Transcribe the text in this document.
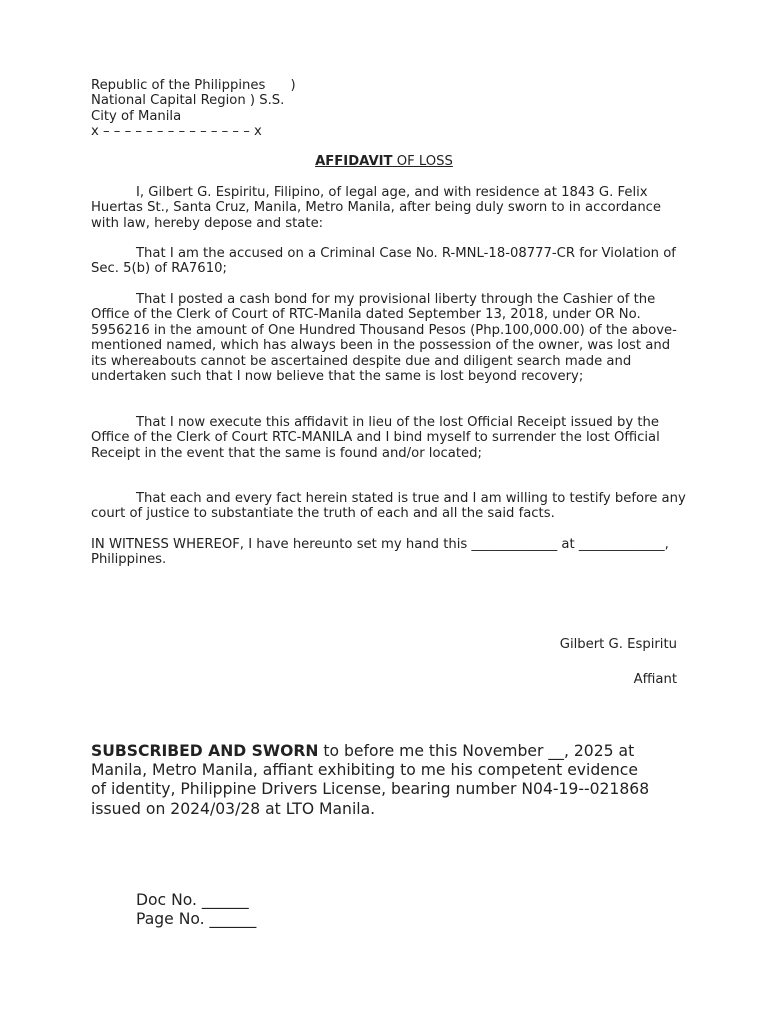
Republic of the Philippines      )
National Capital Region ) S.S.
City of Manila
x – – – – – – – – – – – – – – x
AFFIDAVIT OF LOSS

I, Gilbert G. Espiritu, Filipino, of legal age, and with residence at 1843 G. Felix Huertas St., Santa Cruz, Manila, Metro Manila, after being duly sworn to in accordance with law, hereby depose and state:

That I am the accused on a Criminal Case No. R-MNL-18-08777-CR for Violation of Sec. 5(b) of RA7610;

That I posted a cash bond for my provisional liberty through the Cashier of the Office of the Clerk of Court of RTC-Manila dated September 13, 2018, under OR No. 5956216 in the amount of One Hundred Thousand Pesos (Php.100,000.00) of the above-mentioned named, which has always been in the possession of the owner, was lost and its whereabouts cannot be ascertained despite due and diligent search made and undertaken such that I now believe that the same is lost beyond recovery;

That I now execute this affidavit in lieu of the lost Official Receipt issued by the Office of the Clerk of Court RTC-MANILA and I bind myself to surrender the lost Official Receipt in the event that the same is found and/or located;

That each and every fact herein stated is true and I am willing to testify before any court of justice to substantiate the truth of each and all the said facts.

IN WITNESS WHEREOF, I have hereunto set my hand this _____________ at _____________, Philippines.

Gilbert G. Espiritu
Affiant

SUBSCRIBED AND SWORN to before me this November __, 2025 at Manila, Metro Manila, affiant exhibiting to me his competent evidence of identity, Philippine Drivers License, bearing number N04-19--021868 issued on 2024/03/28 at LTO Manila.

Doc No. ______
Page No. ______
